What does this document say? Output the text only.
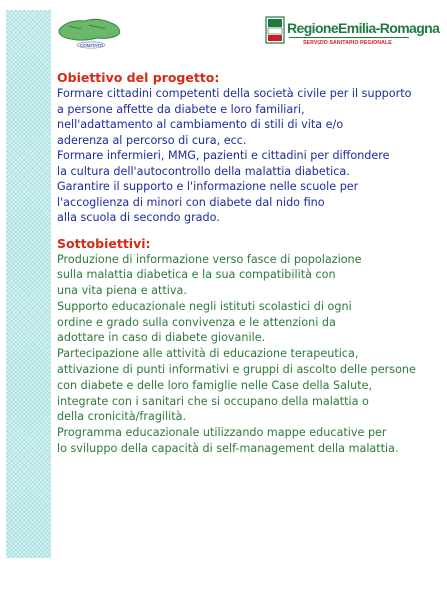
COMITATO
RegioneEmilia-Romagna
SERVIZIO SANITARIO REGIONALE

Obiettivo del progetto:

Formare cittadini competenti della società civile per il supporto

a persone affette da diabete e loro familiari,

nell'adattamento al cambiamento di stili di vita e/o

aderenza al percorso di cura, ecc.

Formare infermieri, MMG, pazienti e cittadini per diffondere

la cultura dell'autocontrollo della malattia diabetica.

Garantire il supporto e l'informazione nelle scuole per

l'accoglienza di minori con diabete dal nido fino

alla scuola di secondo grado.

Sottobiettivi:

Produzione di informazione verso fasce di popolazione

sulla malattia diabetica e la sua compatibilità con

una vita piena e attiva.

Supporto educazionale negli istituti scolastici di ogni

ordine e grado sulla convivenza e le attenzioni da

adottare in caso di diabete giovanile.

Partecipazione alle attività di educazione terapeutica,

attivazione di punti informativi e gruppi di ascolto delle persone

con diabete e delle loro famiglie nelle Case della Salute,

integrate con i sanitari che si occupano della malattia o

della cronicità/fragilità.

Programma educazionale utilizzando mappe educative per

lo sviluppo della capacità di self-management della malattia.
